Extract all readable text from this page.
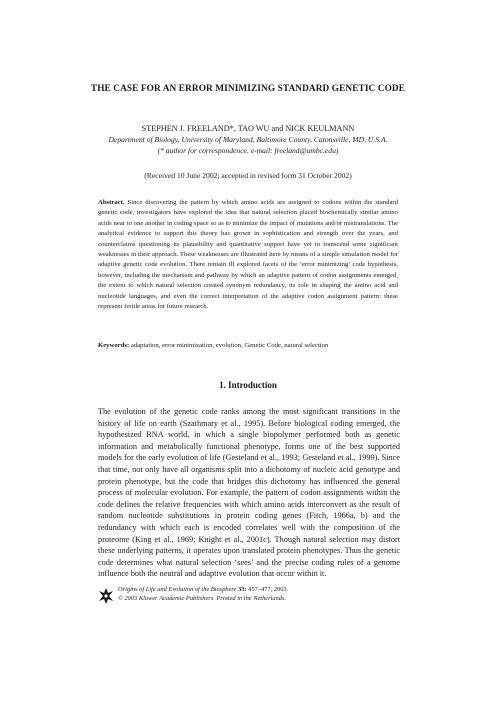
THE CASE FOR AN ERROR MINIMIZING STANDARD GENETIC CODE
STEPHEN J. FREELAND*, TAO WU and NICK KEULMANN
Department of Biology, University of Maryland, Baltimore County, Catonsville, MD, U.S.A.
(* author for correspondence, e-mail: freeland@umbc.edu)
(Received 10 June 2002; accepted in revised form 31 October 2002)
Abstract. Since discovering the pattern by which amino acids are assigned to codons within the standard genetic code, investigators have explored the idea that natural selection placed biochemically similar amino acids near to one another in coding space so as to minimize the impact of mutations and/or mistranslations. The analytical evidence to support this theory has grown in sophistication and strength over the years, and counterclaims questioning its plausibility and quantitative support have yet to transcend some significant weaknesses in their approach. These weaknesses are illustrated here by means of a simple simulation model for adaptive genetic code evolution. There remain ill explored facets of the ‘error minimizing’ code hypothesis, however, including the mechanism and pathway by which an adaptive pattern of codon assignments emerged, the extent to which natural selection created synonym redundancy, its role in shaping the amino acid and nucleotide languages, and even the correct interpretation of the adaptive codon assignment pattern: these represent fertile areas for future research.
Keywords: adaptation, error minimization, evolution, Genetic Code, natural selection
1. Introduction
The evolution of the genetic code ranks among the most significant transitions in the history of life on earth (Szathmary et al., 1995). Before biological coding emerged, the hypothesized RNA world, in which a single biopolymer performed both as genetic information and metabolically functional phenotype, forms one of the best supported models for the early evolution of life (Gesteland et al., 1993; Gesteland et al., 1999). Since that time, not only have all organisms split into a dichotomy of nucleic acid genotype and protein phenotype, but the code that bridges this dichotomy has influenced the general process of molecular evolution. For example, the pattern of codon assignments within the code defines the relative frequencies with which amino acids interconvert as the result of random nucleotide substitutions in protein coding genes (Fitch, 1966a, b) and the redundancy with which each is encoded correlates well with the composition of the proteome (King et al., 1969; Knight et al., 2001c). Though natural selection may distort these underlying patterns, it operates upon translated protein phenotypes. Thus the genetic code determines what natural selection ‘sees’ and the precise coding rules of a genome influence both the neutral and adaptive evolution that occur within it.
Origins of Life and Evolution of the Biosphere 33: 457–477, 2003.
© 2003 Kluwer Academic Publishers. Printed in the Netherlands.
